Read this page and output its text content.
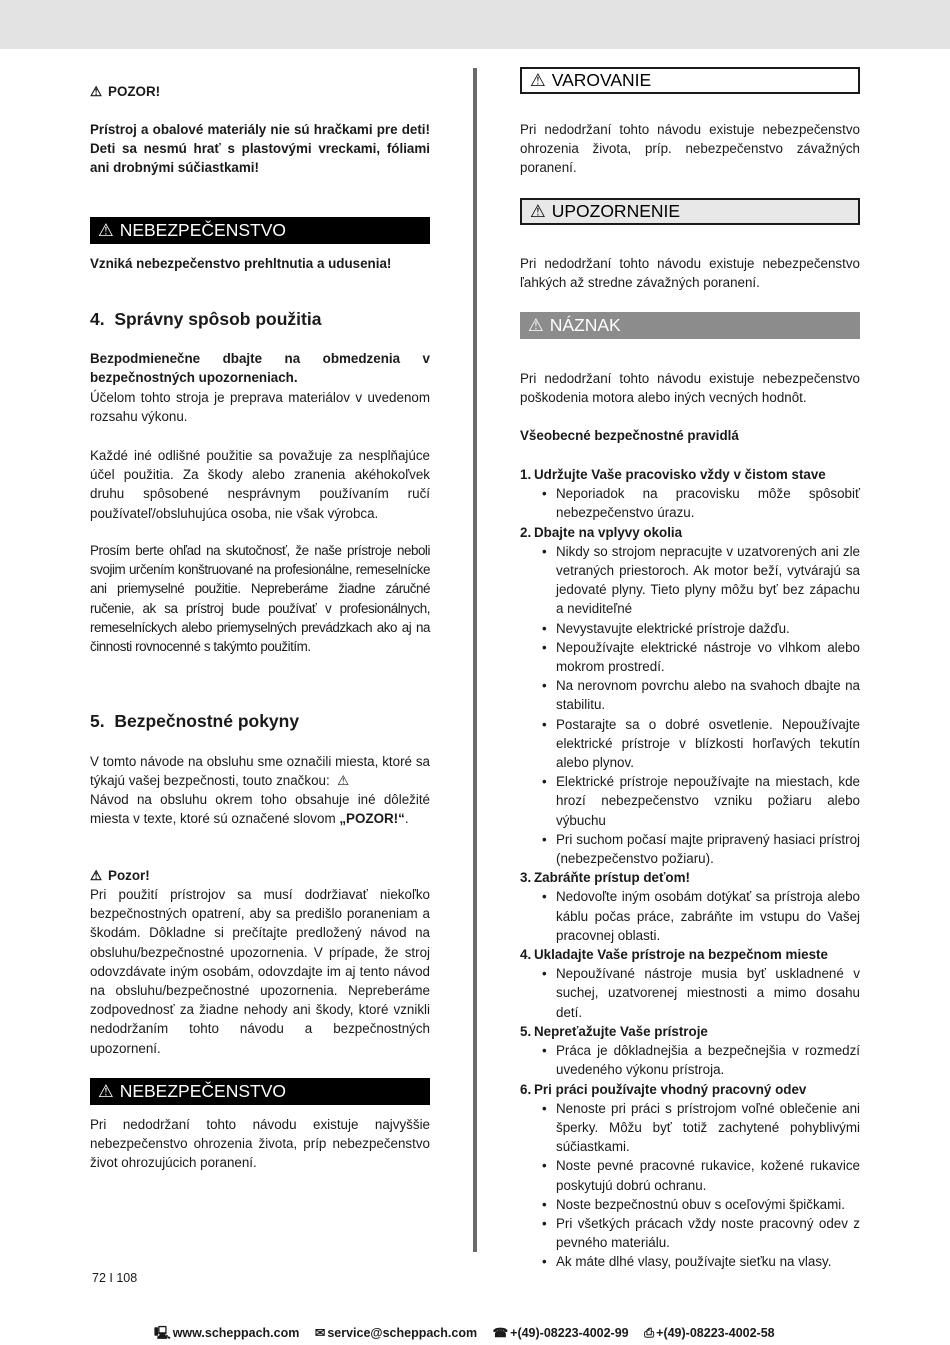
⚠ POZOR!

Prístroj a obalové materiály nie sú hračkami pre deti! Deti sa nesmú hrať s plastovými vreckami, fóliami ani drobnými súčiastkami!

⚠ NEBEZPEČENSTVO

Vzniká nebezpečenstvo prehltnutia a udusenia!

4.  Správny spôsob použitia

Bezpodmienečne dbajte na obmedzenia v bezpečnostných upozorneniach.

Účelom tohto stroja je preprava materiálov v uvedenom rozsahu výkonu.

Každé iné odlišné použitie sa považuje za nesplňajúce účel použitia. Za škody alebo zranenia akéhokoľvek druhu spôsobené nesprávnym používaním ručí používateľ/obsluhujúca osoba, nie však výrobca.

Prosím berte ohľad na skutočnosť, že naše prístroje neboli svojim určením konštruované na profesionálne, remeselnícke ani priemyselné použitie. Nepreberáme žiadne záručné ručenie, ak sa prístroj bude používať v profesionálnych, remeselníckych alebo priemyselných prevádzkach ako aj na činnosti rovnocenné s takýmto použitím.

5.  Bezpečnostné pokyny

V tomto návode na obsluhu sme označili miesta, ktoré sa týkajú vašej bezpečnosti, touto značkou:  ⚠

Návod na obsluhu okrem toho obsahuje iné dôležité miesta v texte, ktoré sú označené slovom „POZOR!“.

⚠ Pozor!

Pri použití prístrojov sa musí dodržiavať niekoľko bezpečnostných opatrení, aby sa predišlo poraneniam a škodám. Dôkladne si prečítajte predložený návod na obsluhu/bezpečnostné upozornenia. V prípade, že stroj odovzdávate iným osobám, odovzdajte im aj tento návod na obsluhu/bezpečnostné upozornenia. Nepreberáme zodpovednosť za žiadne nehody ani škody, ktoré vznikli nedodržaním tohto návodu a bezpečnostných upozornení.

⚠ NEBEZPEČENSTVO

Pri nedodržaní tohto návodu existuje najvyššie nebezpečenstvo ohrozenia života, príp nebezpečenstvo život ohrozujúcich poranení.

⚠ VAROVANIE

Pri nedodržaní tohto návodu existuje nebezpečenstvo ohrozenia života, príp. nebezpečenstvo závažných poranení.

⚠ UPOZORNENIE

Pri nedodržaní tohto návodu existuje nebezpečenstvo ľahkých až stredne závažných poranení.

⚠ NÁZNAK

Pri nedodržaní tohto návodu existuje nebezpečenstvo poškodenia motora alebo iných vecných hodnôt.

Všeobecné bezpečnostné pravidlá
1. Udržujte Vaše pracovisko vždy v čistom stave
• Neporiadok na pracovisku môže spôsobiť nebezpečenstvo úrazu.
2. Dbajte na vplyvy okolia
• Nikdy so strojom nepracujte v uzatvorených ani zle vetraných priestoroch. Ak motor beží, vytvárajú sa jedovaté plyny. Tieto plyny môžu byť bez zápachu a neviditeľné
• Nevystavujte elektrické prístroje dažďu.
• Nepoužívajte elektrické nástroje vo vlhkom alebo mokrom prostredí.
• Na nerovnom povrchu alebo na svahoch dbajte na stabilitu.
• Postarajte sa o dobré osvetlenie. Nepoužívajte elektrické prístroje v blízkosti horľavých tekutín alebo plynov.
• Elektrické prístroje nepoužívajte na miestach, kde hrozí nebezpečenstvo vzniku požiaru alebo výbuchu
• Pri suchom počasí majte pripravený hasiaci prístroj (nebezpečenstvo požiaru).
3. Zabráňte prístup deťom!
• Nedovoľte iným osobám dotýkať sa prístroja alebo káblu počas práce, zabráňte im vstupu do Vašej pracovnej oblasti.
4. Ukladajte Vaše prístroje na bezpečnom mieste
• Nepoužívané nástroje musia byť uskladnené v suchej, uzatvorenej miestnosti a mimo dosahu detí.
5. Nepreťažujte Vaše prístroje
• Práca je dôkladnejšia a bezpečnejšia v rozmedzí uvedeného výkonu prístroja.
6. Pri práci používajte vhodný pracovný odev
• Nenoste pri práci s prístrojom voľné oblečenie ani šperky. Môžu byť totiž zachytené pohyblivými súčiastkami.
• Noste pevné pracovné rukavice, kožené rukavice poskytujú dobrú ochranu.
• Noste bezpečnostnú obuv s oceľovými špičkami.
• Pri všetkých prácach vždy noste pracovný odev z pevného materiálu.
• Ak máte dlhé vlasy, používajte sieťku na vlasy.
72 I 108
🖳 www.scheppach.com ✉ service@scheppach.com ☎ +(49)-08223-4002-99 ⎙ +(49)-08223-4002-58
